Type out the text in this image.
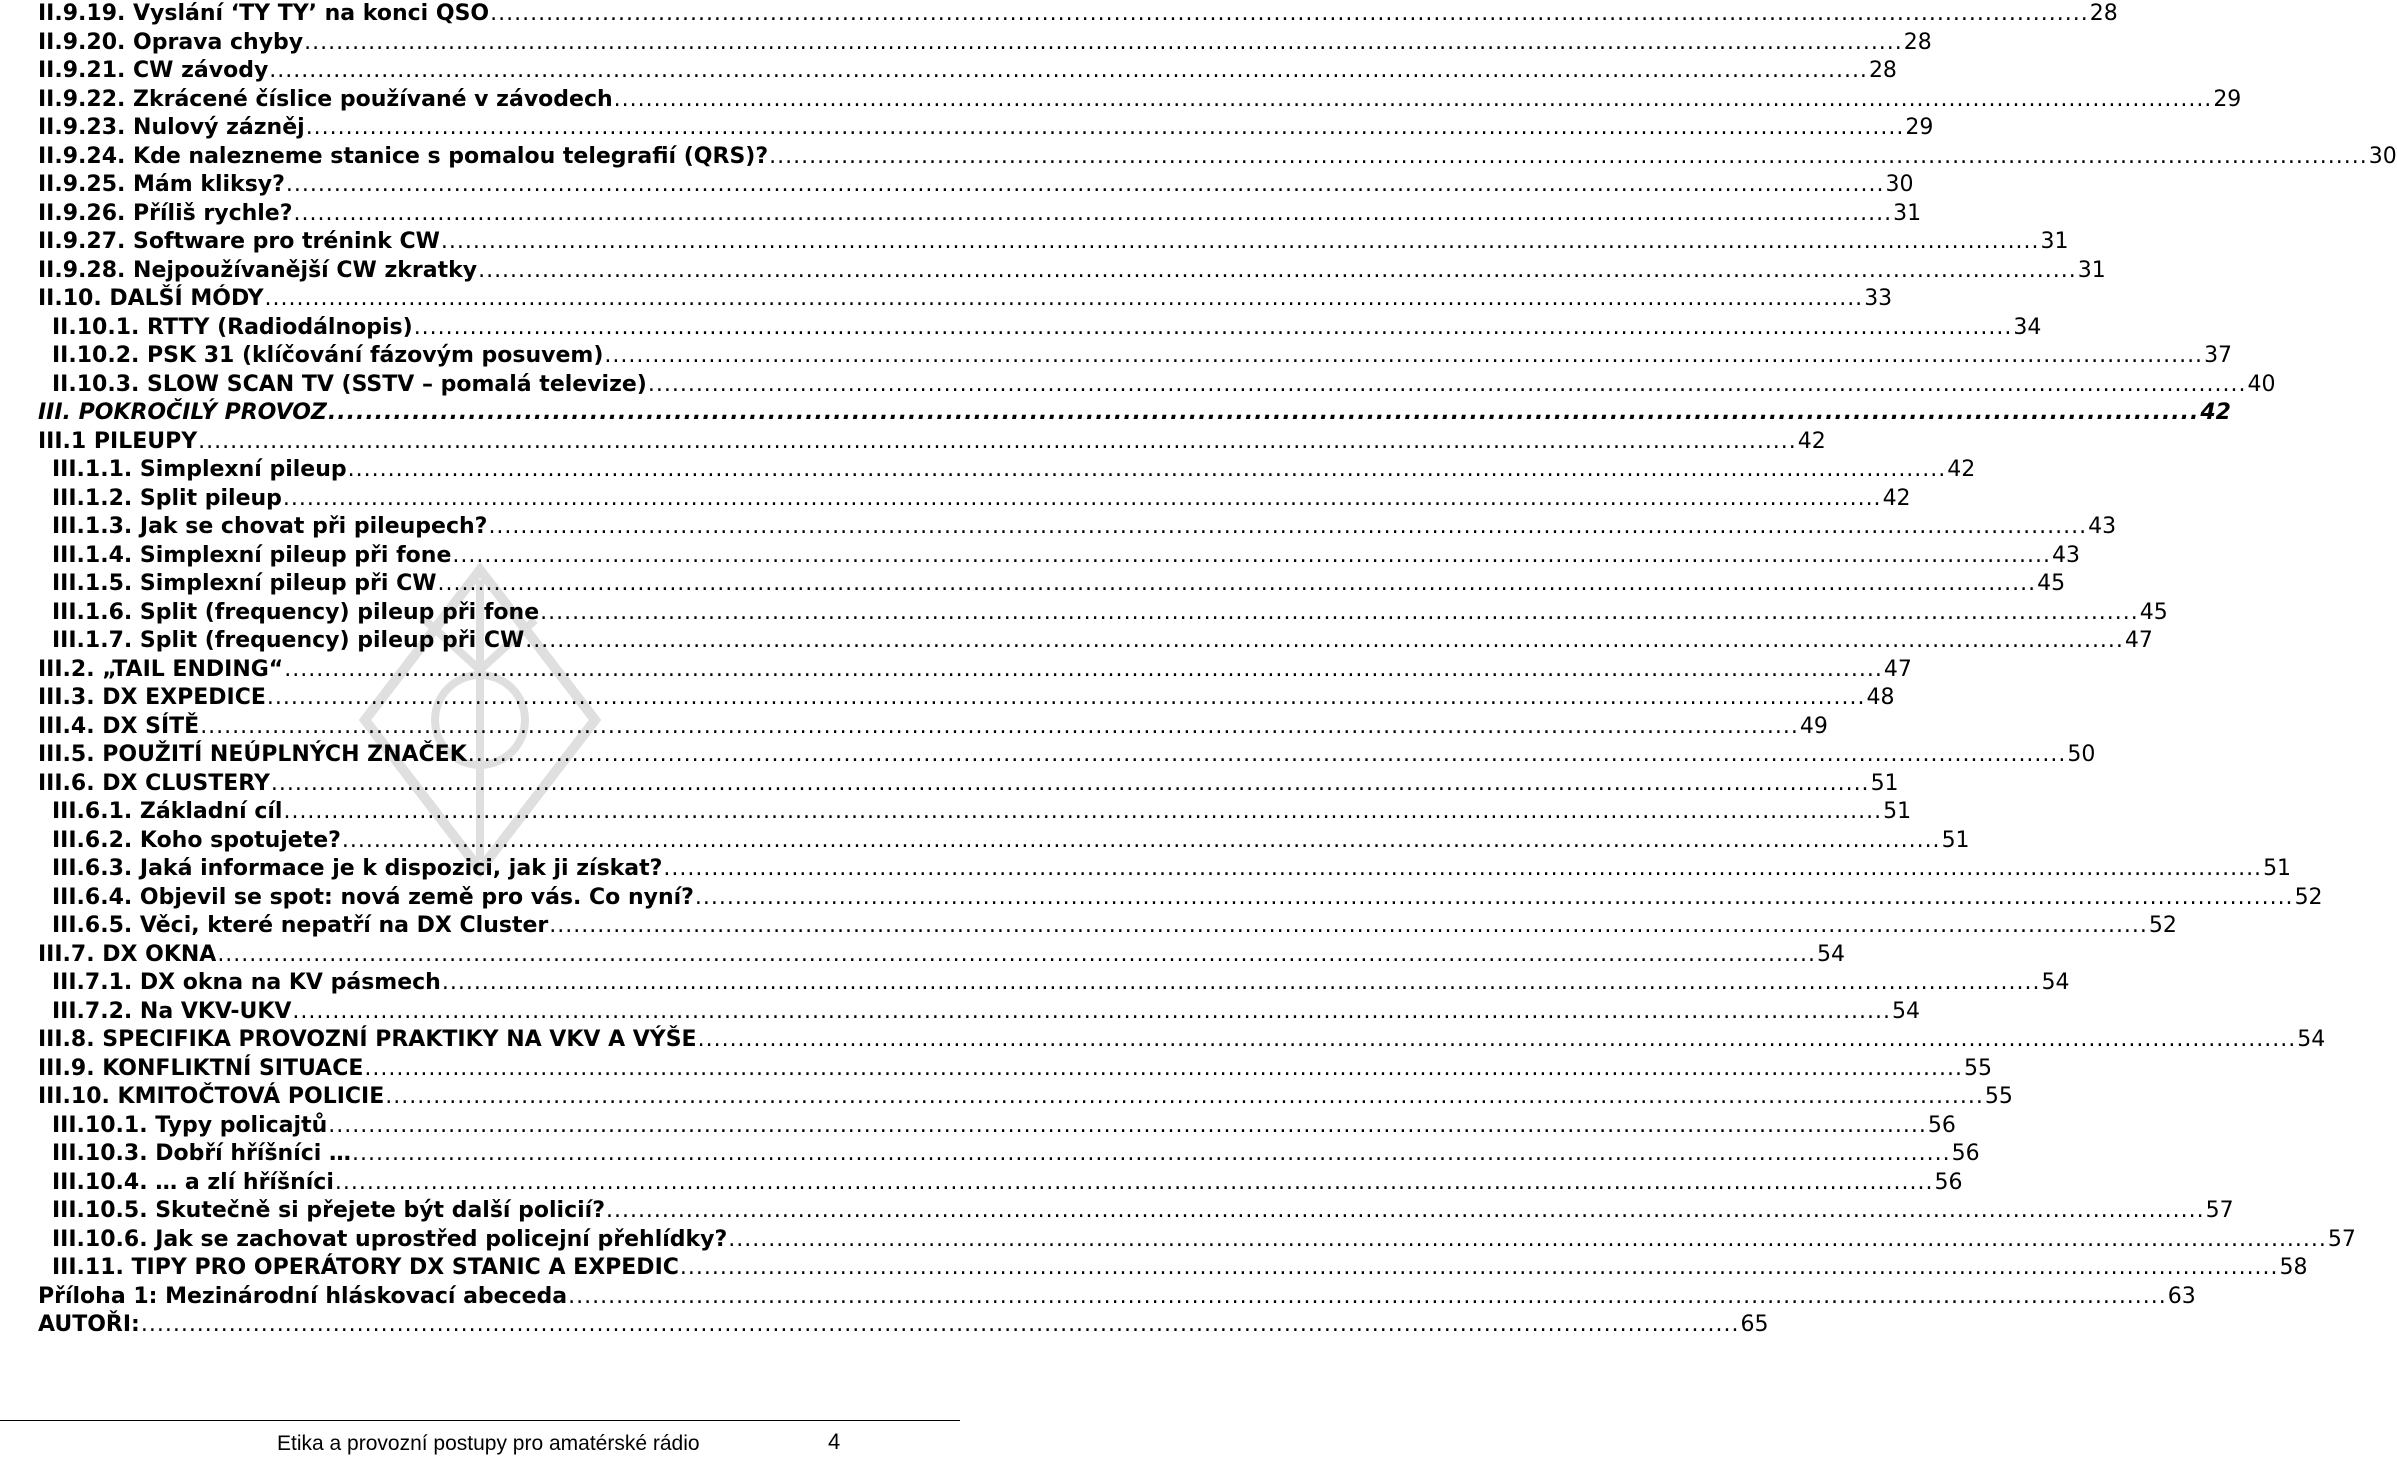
II.9.19. Vyslání ‘TY TY’ na konci QSO ........................................................................................................................................................................................................ 28
II.9.20. Oprava chyby ........................................................................................................................................................................................................ 28
II.9.21. CW závody ........................................................................................................................................................................................................ 28
II.9.22. Zkrácené číslice používané v závodech ........................................................................................................................................................................................................ 29
II.9.23. Nulový zázněj ........................................................................................................................................................................................................ 29
II.9.24. Kde nalezneme stanice s pomalou telegrafií (QRS)? ........................................................................................................................................................................................................ 30
II.9.25. Mám kliksy? ........................................................................................................................................................................................................ 30
II.9.26. Příliš rychle? ........................................................................................................................................................................................................ 31
II.9.27. Software pro trénink CW ........................................................................................................................................................................................................ 31
II.9.28. Nejpoužívanější CW zkratky ........................................................................................................................................................................................................ 31
II.10. DALŠÍ MÓDY ........................................................................................................................................................................................................ 33
II.10.1. RTTY (Radiodálnopis) ........................................................................................................................................................................................................ 34
II.10.2. PSK 31 (klíčování fázovým posuvem) ........................................................................................................................................................................................................ 37
II.10.3. SLOW SCAN TV (SSTV – pomalá televize) ........................................................................................................................................................................................................ 40
III. POKROČILÝ PROVOZ ........................................................................................................................................................................................................ 42
III.1 PILEUPY ........................................................................................................................................................................................................ 42
III.1.1. Simplexní pileup ........................................................................................................................................................................................................ 42
III.1.2. Split pileup ........................................................................................................................................................................................................ 42
III.1.3. Jak se chovat při pileupech? ........................................................................................................................................................................................................ 43
III.1.4. Simplexní pileup při fone ........................................................................................................................................................................................................ 43
III.1.5. Simplexní pileup při CW ........................................................................................................................................................................................................ 45
III.1.6. Split (frequency) pileup při fone ........................................................................................................................................................................................................ 45
III.1.7. Split (frequency) pileup při CW ........................................................................................................................................................................................................ 47
III.2. „TAIL ENDING“ ........................................................................................................................................................................................................ 47
III.3. DX EXPEDICE ........................................................................................................................................................................................................ 48
III.4. DX SÍTĚ ........................................................................................................................................................................................................ 49
III.5. POUŽITÍ NEÚPLNÝCH ZNAČEK ........................................................................................................................................................................................................ 50
III.6. DX CLUSTERY ........................................................................................................................................................................................................ 51
III.6.1. Základní cíl ........................................................................................................................................................................................................ 51
III.6.2. Koho spotujete? ........................................................................................................................................................................................................ 51
III.6.3. Jaká informace je k dispozici, jak ji získat? ........................................................................................................................................................................................................ 51
III.6.4. Objevil se spot: nová země pro vás. Co nyní? ........................................................................................................................................................................................................ 52
III.6.5. Věci, které nepatří na DX Cluster ........................................................................................................................................................................................................ 52
III.7. DX OKNA ........................................................................................................................................................................................................ 54
III.7.1. DX okna na KV pásmech ........................................................................................................................................................................................................ 54
III.7.2. Na VKV-UKV ........................................................................................................................................................................................................ 54
III.8. SPECIFIKA PROVOZNÍ PRAKTIKY NA VKV A VÝŠE ........................................................................................................................................................................................................ 54
III.9. KONFLIKTNÍ SITUACE ........................................................................................................................................................................................................ 55
III.10. KMITOČTOVÁ POLICIE ........................................................................................................................................................................................................ 55
III.10.1. Typy policajtů ........................................................................................................................................................................................................ 56
III.10.3. Dobří hříšníci … ........................................................................................................................................................................................................ 56
III.10.4. … a zlí hříšníci ........................................................................................................................................................................................................ 56
III.10.5. Skutečně si přejete být další policií? ........................................................................................................................................................................................................ 57
III.10.6. Jak se zachovat uprostřed policejní přehlídky? ........................................................................................................................................................................................................ 57
III.11. TIPY PRO OPERÁTORY DX STANIC A EXPEDIC ........................................................................................................................................................................................................ 58
Příloha 1: Mezinárodní hláskovací abeceda ........................................................................................................................................................................................................ 63
AUTOŘI: ........................................................................................................................................................................................................ 65
Etika a provozní postupy pro amatérské rádio	4
